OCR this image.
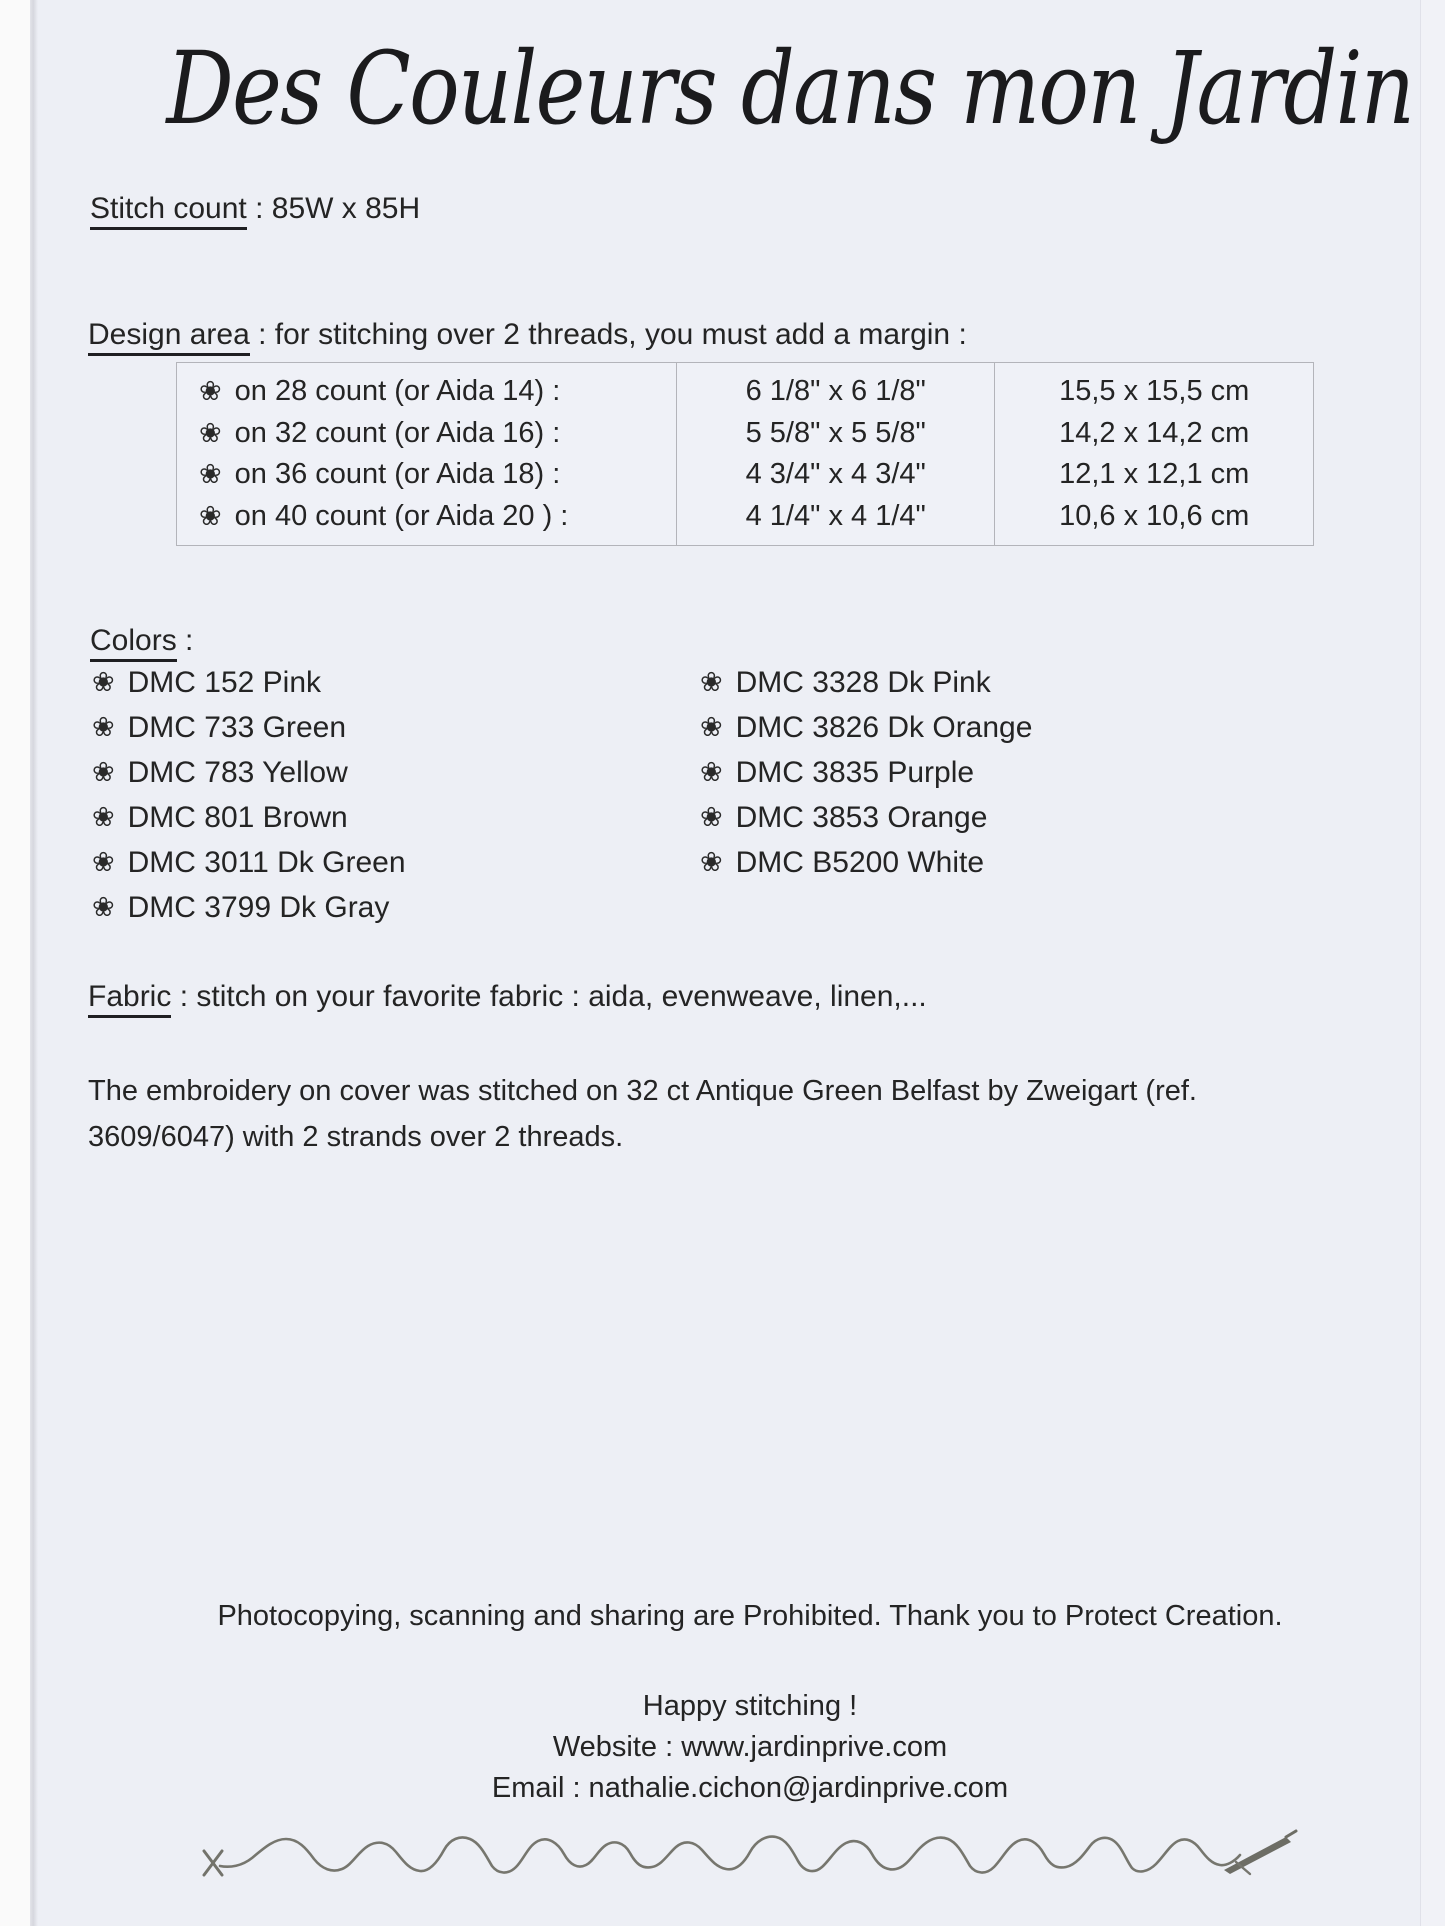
Des Couleurs dans mon Jardin
Stitch count : 85W x 85H
Design area : for stitching over 2 threads, you must add a margin :
❀ on 28 count (or Aida 14) :
❀ on 32 count (or Aida 16) :
❀ on 36 count (or Aida 18) :
❀ on 40 count (or Aida 20 ) :
6 1/8" x 6 1/8"
5 5/8" x 5 5/8"
4 3/4" x 4 3/4"
4 1/4" x 4 1/4"
15,5 x 15,5 cm
14,2 x 14,2 cm
12,1 x 12,1 cm
10,6 x 10,6 cm
Colors :
❀ DMC 152 Pink
❀ DMC 733 Green
❀ DMC 783 Yellow
❀ DMC 801 Brown
❀ DMC 3011 Dk Green
❀ DMC 3799 Dk Gray
❀ DMC 3328 Dk Pink
❀ DMC 3826 Dk Orange
❀ DMC 3835 Purple
❀ DMC 3853 Orange
❀ DMC B5200 White
Fabric : stitch on your favorite fabric : aida, evenweave, linen,...
The embroidery on cover was stitched on 32 ct Antique Green Belfast by Zweigart (ref. 3609/6047) with 2 strands over 2 threads.
Photocopying, scanning and sharing are Prohibited. Thank you to Protect Creation.
Happy stitching !
Website : www.jardinprive.com
Email : nathalie.cichon@jardinprive.com
